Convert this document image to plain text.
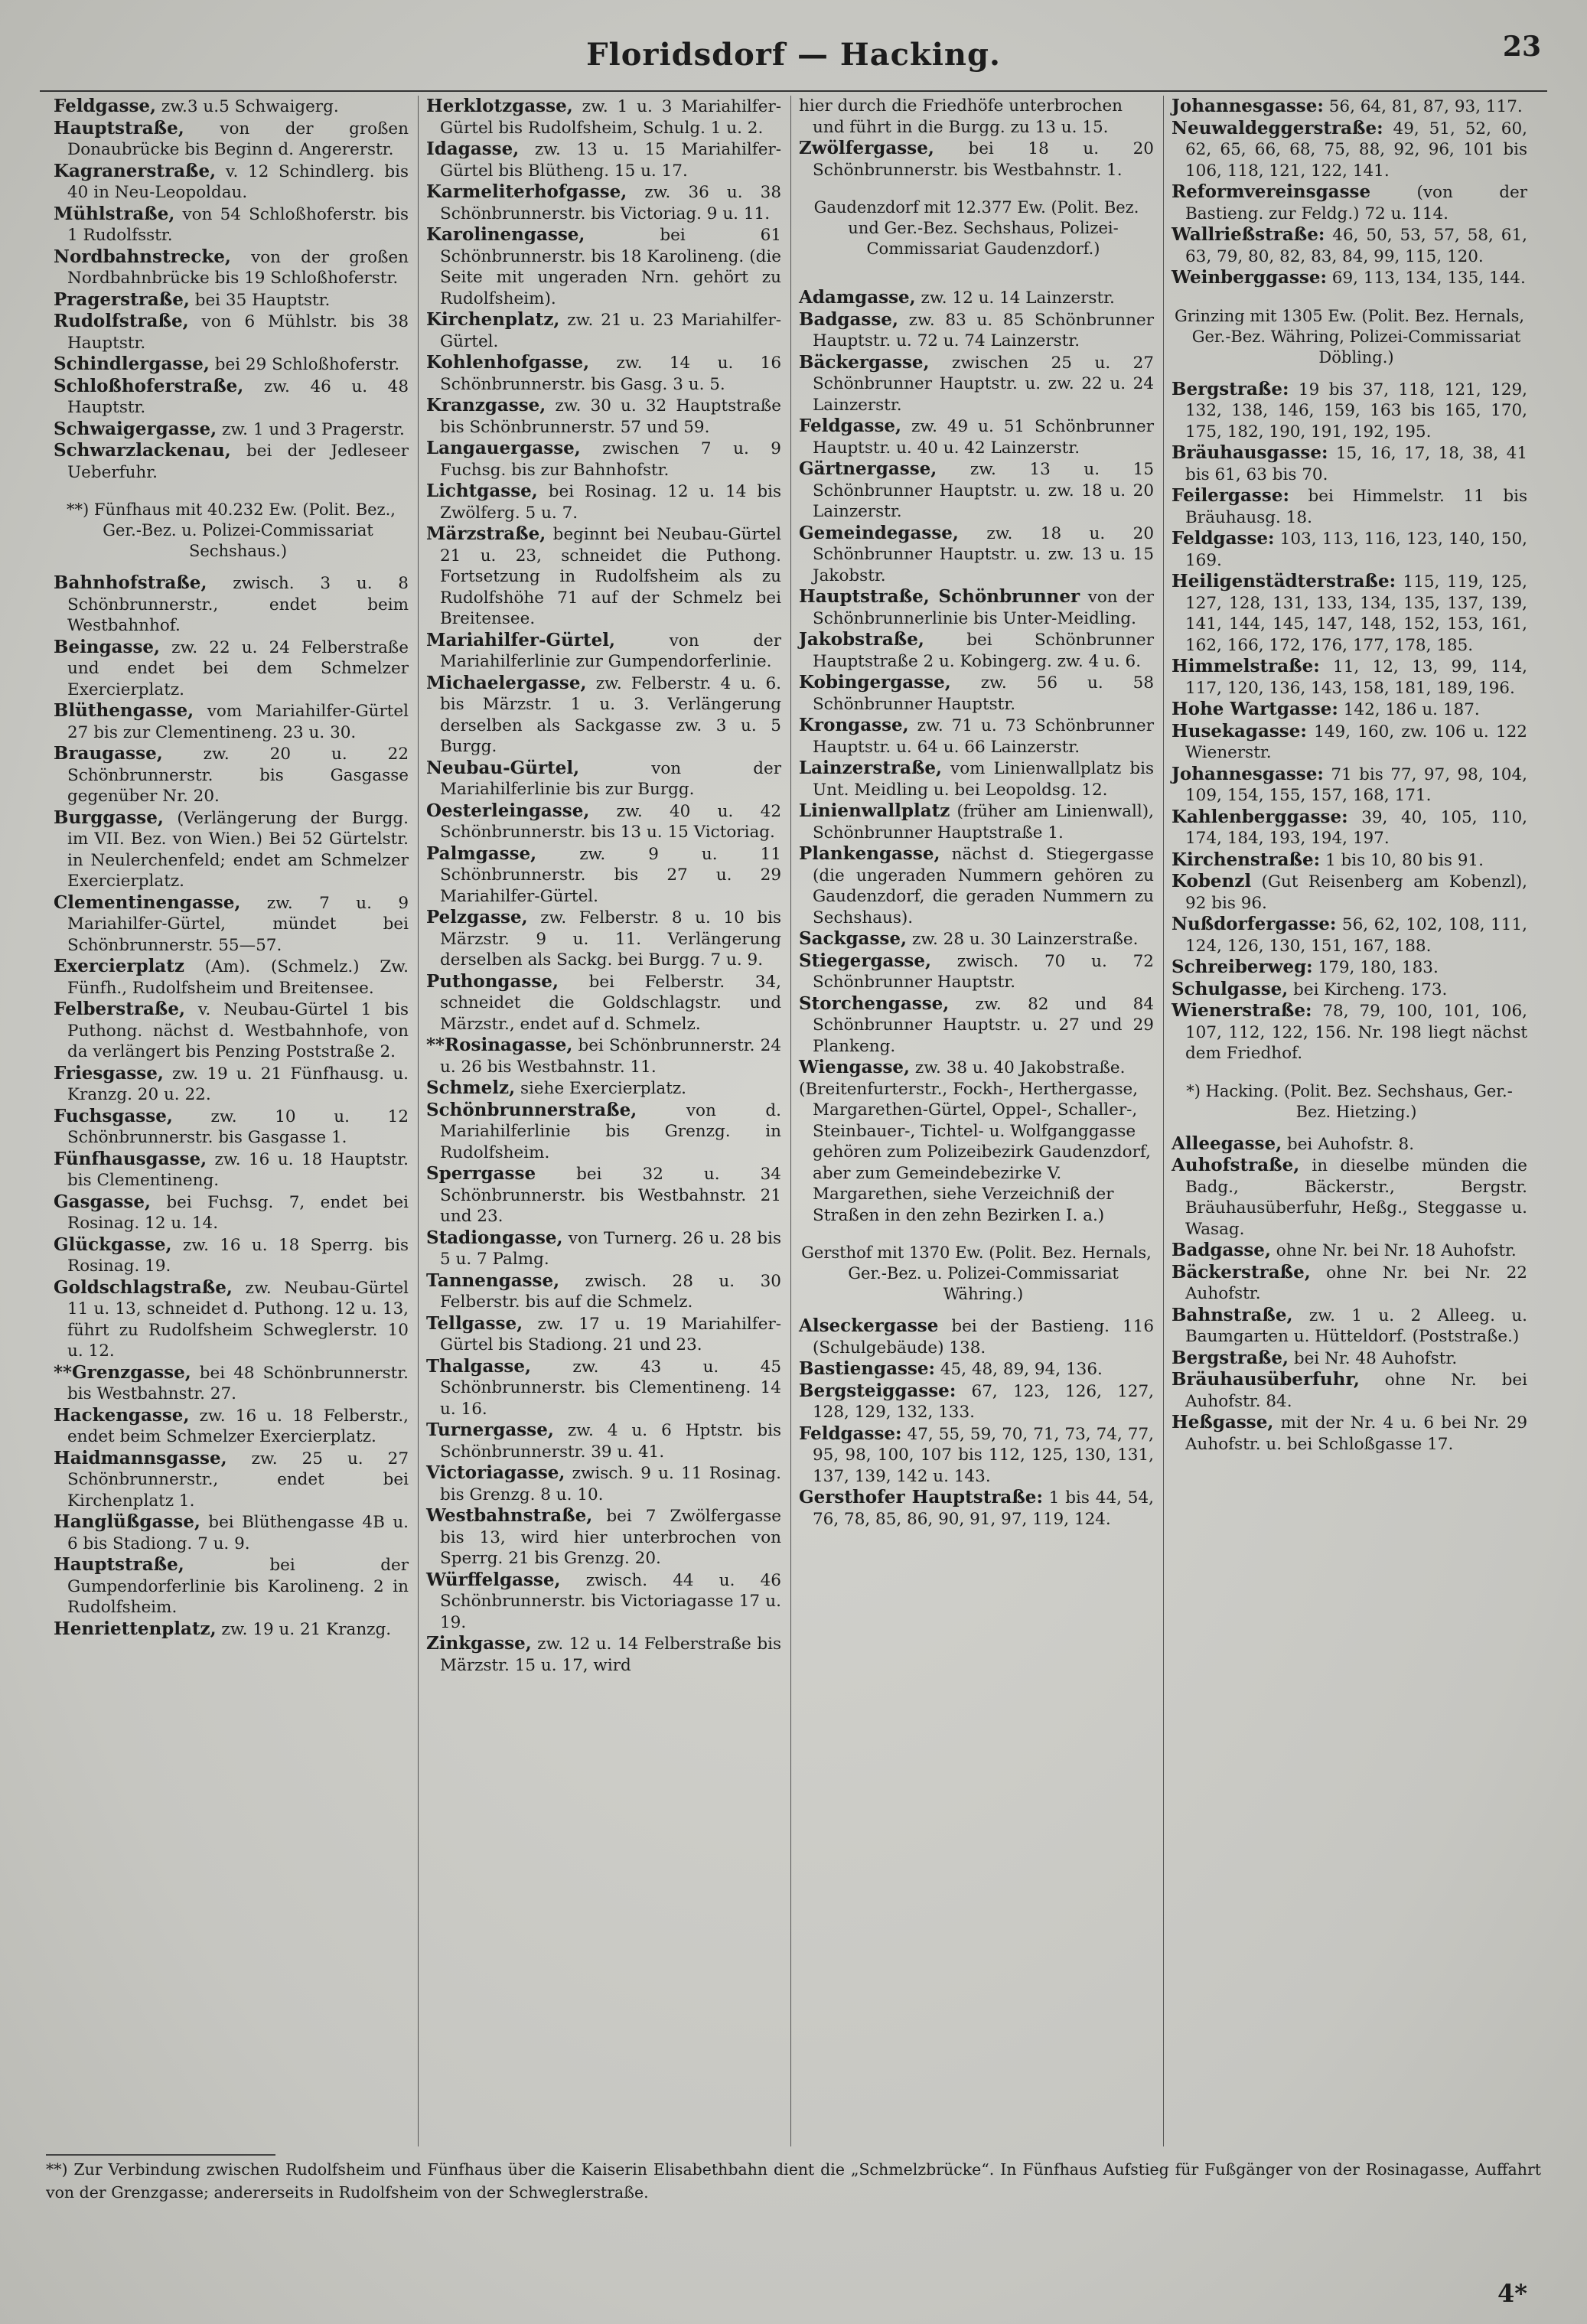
Floridsdorf — Hacking.	23

Feldgasse, zw.3 u.5 Schwaigerg.

Hauptstraße, von der großen Donaubrücke bis Beginn d. Angererstr.

Kagranerstraße, v. 12 Schindlerg. bis 40 in Neu-Leopoldau.

Mühlstraße, von 54 Schloßhoferstr. bis 1 Rudolfsstr.

Nordbahnstrecke, von der großen Nordbahnbrücke bis 19 Schloßhoferstr.

Pragerstraße, bei 35 Hauptstr.

Rudolfstraße, von 6 Mühlstr. bis 38 Hauptstr.

Schindlergasse, bei 29 Schloßhoferstr.

Schloßhoferstraße, zw. 46 u. 48 Hauptstr.

Schwaigergasse, zw. 1 und 3 Pragerstr.

Schwarzlackenau, bei der Jedleseer Ueberfuhr.

**) Fünfhaus mit 40.232 Ew. (Polit. Bez., Ger.-Bez. u. Polizei-Commissariat Sechshaus.)

Bahnhofstraße, zwisch. 3 u. 8 Schönbrunnerstr., endet beim Westbahnhof.

Beingasse, zw. 22 u. 24 Felberstraße und endet bei dem Schmelzer Exercierplatz.

Blüthengasse, vom Mariahilfer-Gürtel 27 bis zur Clementineng. 23 u. 30.

Braugasse, zw. 20 u. 22 Schönbrunnerstr. bis Gasgasse gegenüber Nr. 20.

Burggasse, (Verlängerung der Burgg. im VII. Bez. von Wien.) Bei 52 Gürtelstr. in Neulerchenfeld; endet am Schmelzer Exercierplatz.

Clementinengasse, zw. 7 u. 9 Mariahilfer-Gürtel, mündet bei Schönbrunnerstr. 55—57.

Exercierplatz (Am). (Schmelz.) Zw. Fünfh., Rudolfsheim und Breitensee.

Felberstraße, v. Neubau-Gürtel 1 bis Puthong. nächst d. Westbahnhofe, von da verlängert bis Penzing Poststraße 2.

Friesgasse, zw. 19 u. 21 Fünfhausg. u. Kranzg. 20 u. 22.

Fuchsgasse, zw. 10 u. 12 Schönbrunnerstr. bis Gasgasse 1.

Fünfhausgasse, zw. 16 u. 18 Hauptstr. bis Clementineng.

Gasgasse, bei Fuchsg. 7, endet bei Rosinag. 12 u. 14.

Glückgasse, zw. 16 u. 18 Sperrg. bis Rosinag. 19.

Goldschlagstraße, zw. Neubau-Gürtel 11 u. 13, schneidet d. Puthong. 12 u. 13, führt zu Rudolfsheim Schweglerstr. 10 u. 12.

**Grenzgasse, bei 48 Schönbrunnerstr. bis Westbahnstr. 27.

Hackengasse, zw. 16 u. 18 Felberstr., endet beim Schmelzer Exercierplatz.

Haidmannsgasse, zw. 25 u. 27 Schönbrunnerstr., endet bei Kirchenplatz 1.

Hanglüßgasse, bei Blüthengasse 4B u. 6 bis Stadiong. 7 u. 9.

Hauptstraße, bei der Gumpendorferlinie bis Karolineng. 2 in Rudolfsheim.

Henriettenplatz, zw. 19 u. 21 Kranzg.

Herklotzgasse, zw. 1 u. 3 Mariahilfer-Gürtel bis Rudolfsheim, Schulg. 1 u. 2.

Idagasse, zw. 13 u. 15 Mariahilfer-Gürtel bis Blütheng. 15 u. 17.

Karmeliterhofgasse, zw. 36 u. 38 Schönbrunnerstr. bis Victoriag. 9 u. 11.

Karolinengasse, bei 61 Schönbrunnerstr. bis 18 Karolineng. (die Seite mit ungeraden Nrn. gehört zu Rudolfsheim).

Kirchenplatz, zw. 21 u. 23 Mariahilfer-Gürtel.

Kohlenhofgasse, zw. 14 u. 16 Schönbrunnerstr. bis Gasg. 3 u. 5.

Kranzgasse, zw. 30 u. 32 Hauptstraße bis Schönbrunnerstr. 57 und 59.

Langauergasse, zwischen 7 u. 9 Fuchsg. bis zur Bahnhofstr.

Lichtgasse, bei Rosinag. 12 u. 14 bis Zwölferg. 5 u. 7.

Märzstraße, beginnt bei Neubau-Gürtel 21 u. 23, schneidet die Puthong. Fortsetzung in Rudolfsheim als zu Rudolfshöhe 71 auf der Schmelz bei Breitensee.

Mariahilfer-Gürtel, von der Mariahilferlinie zur Gumpendorferlinie.

Michaelergasse, zw. Felberstr. 4 u. 6. bis Märzstr. 1 u. 3. Verlängerung derselben als Sackgasse zw. 3 u. 5 Burgg.

Neubau-Gürtel, von der Mariahilferlinie bis zur Burgg.

Oesterleingasse, zw. 40 u. 42 Schönbrunnerstr. bis 13 u. 15 Victoriag.

Palmgasse, zw. 9 u. 11 Schönbrunnerstr. bis 27 u. 29 Mariahilfer-Gürtel.

Pelzgasse, zw. Felberstr. 8 u. 10 bis Märzstr. 9 u. 11. Verlängerung derselben als Sackg. bei Burgg. 7 u. 9.

Puthongasse, bei Felberstr. 34, schneidet die Goldschlagstr. und Märzstr., endet auf d. Schmelz.

**Rosinagasse, bei Schönbrunnerstr. 24 u. 26 bis Westbahnstr. 11.

Schmelz, siehe Exercierplatz.

Schönbrunnerstraße, von d. Mariahilferlinie bis Grenzg. in Rudolfsheim.

Sperrgasse bei 32 u. 34 Schönbrunnerstr. bis Westbahnstr. 21 und 23.

Stadiongasse, von Turnerg. 26 u. 28 bis 5 u. 7 Palmg.

Tannengasse, zwisch. 28 u. 30 Felberstr. bis auf die Schmelz.

Tellgasse, zw. 17 u. 19 Mariahilfer-Gürtel bis Stadiong. 21 und 23.

Thalgasse, zw. 43 u. 45 Schönbrunnerstr. bis Clementineng. 14 u. 16.

Turnergasse, zw. 4 u. 6 Hptstr. bis Schönbrunnerstr. 39 u. 41.

Victoriagasse, zwisch. 9 u. 11 Rosinag. bis Grenzg. 8 u. 10.

Westbahnstraße, bei 7 Zwölfergasse bis 13, wird hier unterbrochen von Sperrg. 21 bis Grenzg. 20.

Würffelgasse, zwisch. 44 u. 46 Schönbrunnerstr. bis Victoriagasse 17 u. 19.

Zinkgasse, zw. 12 u. 14 Felberstraße bis Märzstr. 15 u. 17, wird

hier durch die Friedhöfe unterbrochen und führt in die Burgg. zu 13 u. 15.

Zwölfergasse, bei 18 u. 20 Schönbrunnerstr. bis Westbahnstr. 1.

Gaudenzdorf mit 12.377 Ew. (Polit. Bez. und Ger.-Bez. Sechshaus, Polizei-Commissariat Gaudenzdorf.)

Adamgasse, zw. 12 u. 14 Lainzerstr.

Badgasse, zw. 83 u. 85 Schönbrunner Hauptstr. u. 72 u. 74 Lainzerstr.

Bäckergasse, zwischen 25 u. 27 Schönbrunner Hauptstr. u. zw. 22 u. 24 Lainzerstr.

Feldgasse, zw. 49 u. 51 Schönbrunner Hauptstr. u. 40 u. 42 Lainzerstr.

Gärtnergasse, zw. 13 u. 15 Schönbrunner Hauptstr. u. zw. 18 u. 20 Lainzerstr.

Gemeindegasse, zw. 18 u. 20 Schönbrunner Hauptstr. u. zw. 13 u. 15 Jakobstr.

Hauptstraße, Schönbrunner von der Schönbrunnerlinie bis Unter-Meidling.

Jakobstraße, bei Schönbrunner Hauptstraße 2 u. Kobingerg. zw. 4 u. 6.

Kobingergasse, zw. 56 u. 58 Schönbrunner Hauptstr.

Krongasse, zw. 71 u. 73 Schönbrunner Hauptstr. u. 64 u. 66 Lainzerstr.

Lainzerstraße, vom Linienwallplatz bis Unt. Meidling u. bei Leopoldsg. 12.

Linienwallplatz (früher am Linienwall), Schönbrunner Hauptstraße 1.

Plankengasse, nächst d. Stiegergasse (die ungeraden Nummern gehören zu Gaudenzdorf, die geraden Nummern zu Sechshaus).

Sackgasse, zw. 28 u. 30 Lainzerstraße.

Stiegergasse, zwisch. 70 u. 72 Schönbrunner Hauptstr.

Storchengasse, zw. 82 und 84 Schönbrunner Hauptstr. u. 27 und 29 Plankeng.

Wiengasse, zw. 38 u. 40 Jakobstraße.

(Breitenfurterstr., Fockh-, Herthergasse, Margarethen-Gürtel, Oppel-, Schaller-, Steinbauer-, Tichtel- u. Wolfganggasse gehören zum Polizeibezirk Gaudenzdorf, aber zum Gemeindebezirke V. Margarethen, siehe Verzeichniß der Straßen in den zehn Bezirken I. a.)

Gersthof mit 1370 Ew. (Polit. Bez. Hernals, Ger.-Bez. u. Polizei-Commissariat Währing.)

Alseckergasse bei der Bastieng. 116 (Schulgebäude) 138.

Bastiengasse: 45, 48, 89, 94, 136.

Bergsteiggasse: 67, 123, 126, 127, 128, 129, 132, 133.

Feldgasse: 47, 55, 59, 70, 71, 73, 74, 77, 95, 98, 100, 107 bis 112, 125, 130, 131, 137, 139, 142 u. 143.

Gersthofer Hauptstraße: 1 bis 44, 54, 76, 78, 85, 86, 90, 91, 97, 119, 124.

Johannesgasse: 56, 64, 81, 87, 93, 117.

Neuwaldeggerstraße: 49, 51, 52, 60, 62, 65, 66, 68, 75, 88, 92, 96, 101 bis 106, 118, 121, 122, 141.

Reformvereinsgasse (von der Bastieng. zur Feldg.) 72 u. 114.

Wallrießstraße: 46, 50, 53, 57, 58, 61, 63, 79, 80, 82, 83, 84, 99, 115, 120.

Weinberggasse: 69, 113, 134, 135, 144.

Grinzing mit 1305 Ew. (Polit. Bez. Hernals, Ger.-Bez. Währing, Polizei-Commissariat Döbling.)

Bergstraße: 19 bis 37, 118, 121, 129, 132, 138, 146, 159, 163 bis 165, 170, 175, 182, 190, 191, 192, 195.

Bräuhausgasse: 15, 16, 17, 18, 38, 41 bis 61, 63 bis 70.

Feilergasse: bei Himmelstr. 11 bis Bräuhausg. 18.

Feldgasse: 103, 113, 116, 123, 140, 150, 169.

Heiligenstädterstraße: 115, 119, 125, 127, 128, 131, 133, 134, 135, 137, 139, 141, 144, 145, 147, 148, 152, 153, 161, 162, 166, 172, 176, 177, 178, 185.

Himmelstraße: 11, 12, 13, 99, 114, 117, 120, 136, 143, 158, 181, 189, 196.

Hohe Wartgasse: 142, 186 u. 187.

Husekagasse: 149, 160, zw. 106 u. 122 Wienerstr.

Johannesgasse: 71 bis 77, 97, 98, 104, 109, 154, 155, 157, 168, 171.

Kahlenberggasse: 39, 40, 105, 110, 174, 184, 193, 194, 197.

Kirchenstraße: 1 bis 10, 80 bis 91.

Kobenzl (Gut Reisenberg am Kobenzl), 92 bis 96.

Nußdorfergasse: 56, 62, 102, 108, 111, 124, 126, 130, 151, 167, 188.

Schreiberweg: 179, 180, 183.

Schulgasse, bei Kircheng. 173.

Wienerstraße: 78, 79, 100, 101, 106, 107, 112, 122, 156. Nr. 198 liegt nächst dem Friedhof.

*) Hacking. (Polit. Bez. Sechshaus, Ger.-Bez. Hietzing.)

Alleegasse, bei Auhofstr. 8.

Auhofstraße, in dieselbe münden die Badg., Bäckerstr., Bergstr. Bräuhausüberfuhr, Heßg., Steggasse u. Wasag.

Badgasse, ohne Nr. bei Nr. 18 Auhofstr.

Bäckerstraße, ohne Nr. bei Nr. 22 Auhofstr.

Bahnstraße, zw. 1 u. 2 Alleeg. u. Baumgarten u. Hütteldorf. (Poststraße.)

Bergstraße, bei Nr. 48 Auhofstr.

Bräuhausüberfuhr, ohne Nr. bei Auhofstr. 84.

Heßgasse, mit der Nr. 4 u. 6 bei Nr. 29 Auhofstr. u. bei Schloßgasse 17.

**) Zur Verbindung zwischen Rudolfsheim und Fünfhaus über die Kaiserin Elisabethbahn dient die „Schmelzbrücke“. In Fünfhaus Aufstieg für Fußgänger von der Rosinagasse, Auffahrt von der Grenzgasse; andererseits in Rudolfsheim von der Schweglerstraße.
4*
